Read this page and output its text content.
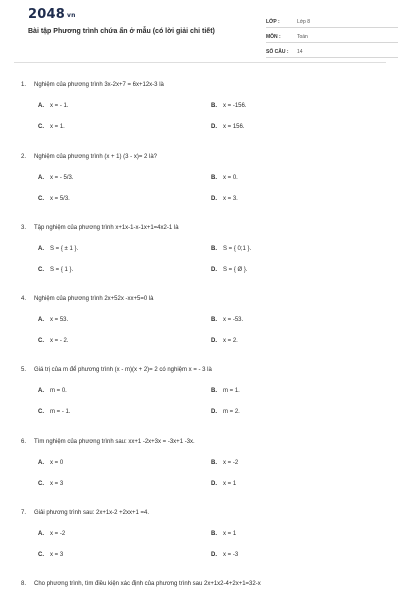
2048 vn
Bài tập Phương trình chứa ẩn ở mẫu (có lời giải chi tiết)
LỚP :	Lớp 8
MÔN :	Toán
SỐ CÂU :	14
1. Nghiệm của phương trình 3x-2x+7 = 6x+12x-3 là
A. x = - 1.	B. x = -156.
C. x = 1.	D. x = 156.
2. Nghiệm của phương trình (x + 1) (3 - x)= 2 là?
A. x = - 5/3.	B. x = 0.
C. x = 5/3.	D. x = 3.
3. Tập nghiệm của phương trình x+1x-1-x-1x+1=4x2-1 là
A. S = { ± 1 }.	B. S = { 0;1 }.
C. S = { 1 }.	D. S = { Ø }.
4. Nghiệm của phương trình 2x+52x -xx+5=0 là
A. x = 53.	B. x = -53.
C. x = - 2.	D. x = 2.
5. Giá trị của m để phương trình (x - m)(x + 2)= 2 có nghiệm x = - 3 là
A. m = 0.	B. m = 1.
C. m = - 1.	D. m = 2.
6. Tìm nghiệm của phương trình sau: xx+1 -2x+3x = -3x+1 -3x.
A. x = 0	B. x = -2
C. x = 3	D. x = 1
7. Giải phương trình sau: 2x+1x-2 +2xx+1 =4.
A. x = -2	B. x = 1
C. x = 3	D. x = -3
8. Cho phương trình, tìm điều kiện xác định của phương trình sau 2x+1x2-4+2x+1=32-x
